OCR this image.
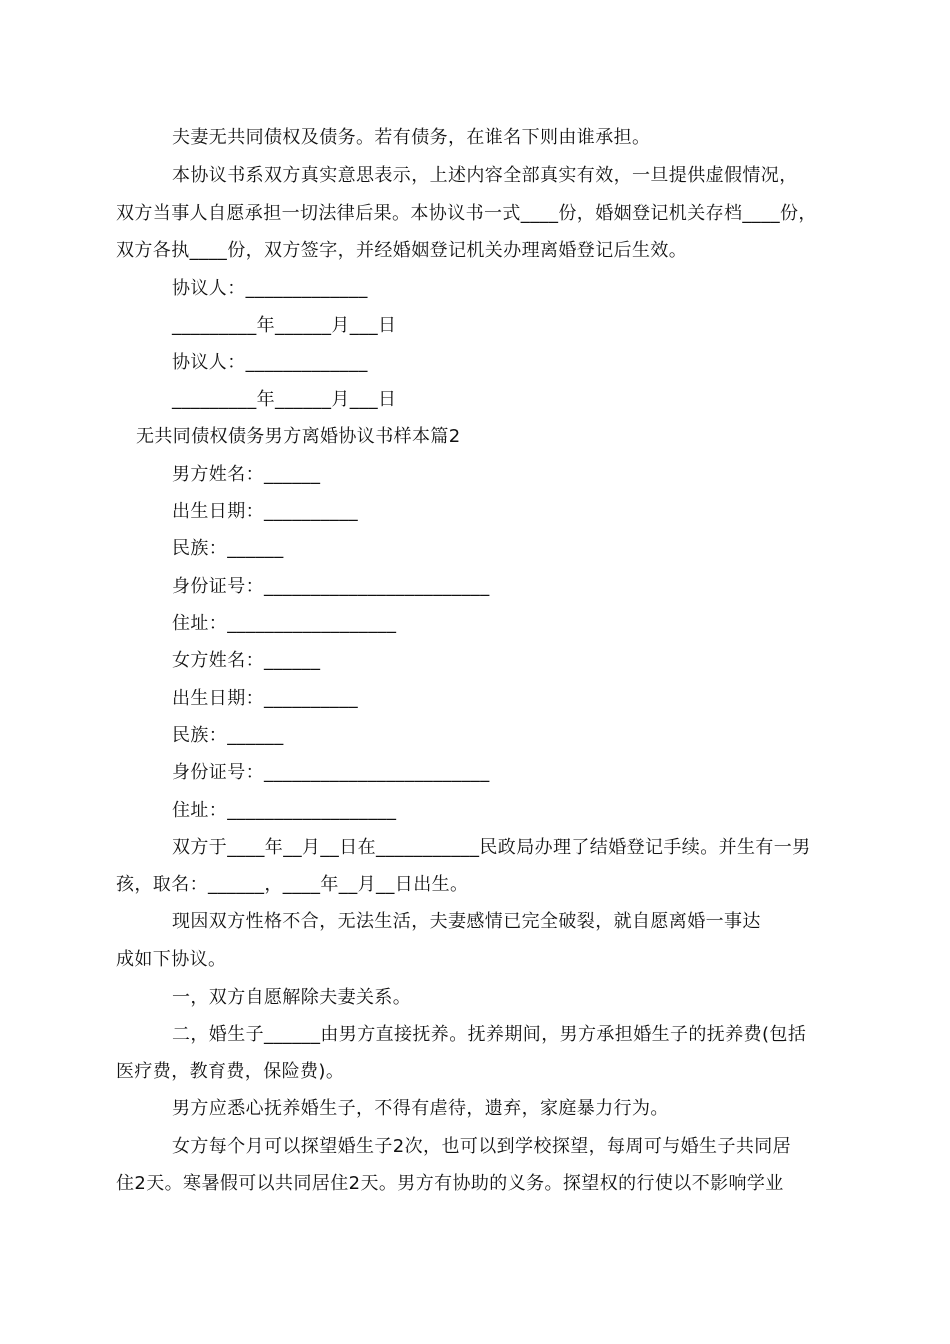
夫妻无共同债权及债务。若有债务，在谁名下则由谁承担。
本协议书系双方真实意思表示，上述内容全部真实有效，一旦提供虚假情况，
双方当事人自愿承担一切法律后果。本协议书一式____份，婚姻登记机关存档____份，
双方各执____份，双方签字，并经婚姻登记机关办理离婚登记后生效。
协议人：_____________
_________年______月___日
协议人：_____________
_________年______月___日
无共同债权债务男方离婚协议书样本篇2
男方姓名：______
出生日期：__________
民族：______
身份证号：________________________
住址：__________________
女方姓名：______
出生日期：__________
民族：______
身份证号：________________________
住址：__________________
双方于____年__月__日在___________民政局办理了结婚登记手续。并生有一男
孩，取名：______，____年__月__日出生。
现因双方性格不合，无法生活，夫妻感情已完全破裂，就自愿离婚一事达
成如下协议。
一，双方自愿解除夫妻关系。
二，婚生子______由男方直接抚养。抚养期间，男方承担婚生子的抚养费(包括
医疗费，教育费，保险费)。
男方应悉心抚养婚生子，不得有虐待，遗弃，家庭暴力行为。
女方每个月可以探望婚生子2次，也可以到学校探望，每周可与婚生子共同居
住2天。寒暑假可以共同居住2天。男方有协助的义务。探望权的行使以不影响学业
